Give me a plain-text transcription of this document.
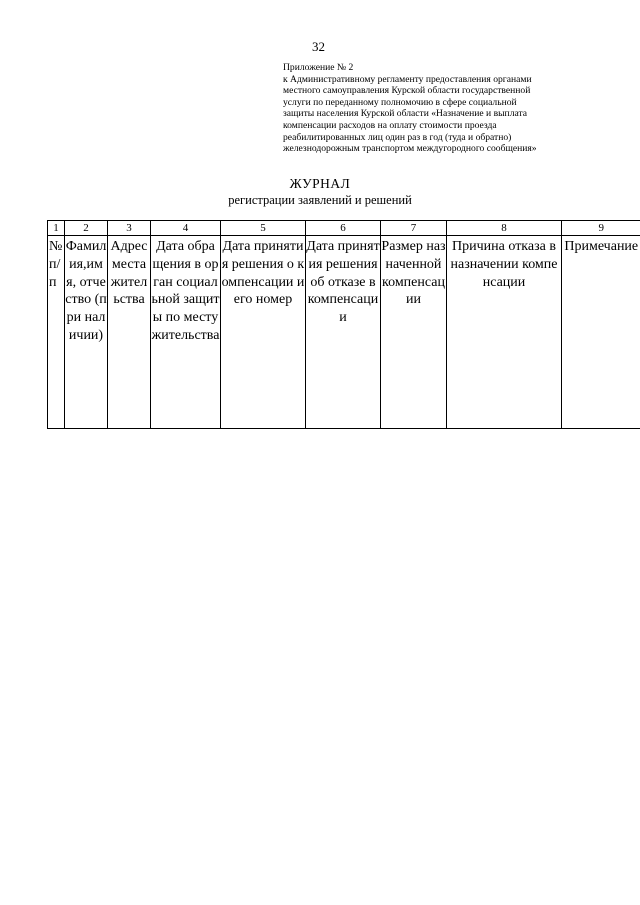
32
Приложение № 2
к Административному регламенту предоставления органами
местного самоуправления Курской области государственной
услуги по переданному полномочию в сфере социальной
защиты населения Курской области «Назначение и выплата
компенсации расходов на оплату стоимости проезда
реабилитированных лиц один раз в год (туда и обратно)
железнодорожным транспортом междугородного сообщения»
ЖУРНАЛ
регистрации заявлений и решений
1	2	3	4	5	6	7	8	9

№ п/п	Фамилия,имя, отчество (при наличии)	Адрес места жительства	Дата обращения в орган социальной защиты по месту жительства	Дата принятия решения о компенсации и его номер	Дата принятия решения об отказе в компенсации	Размер назначенной компенсации	Причина отказа в назначении компенсации	Примечание
